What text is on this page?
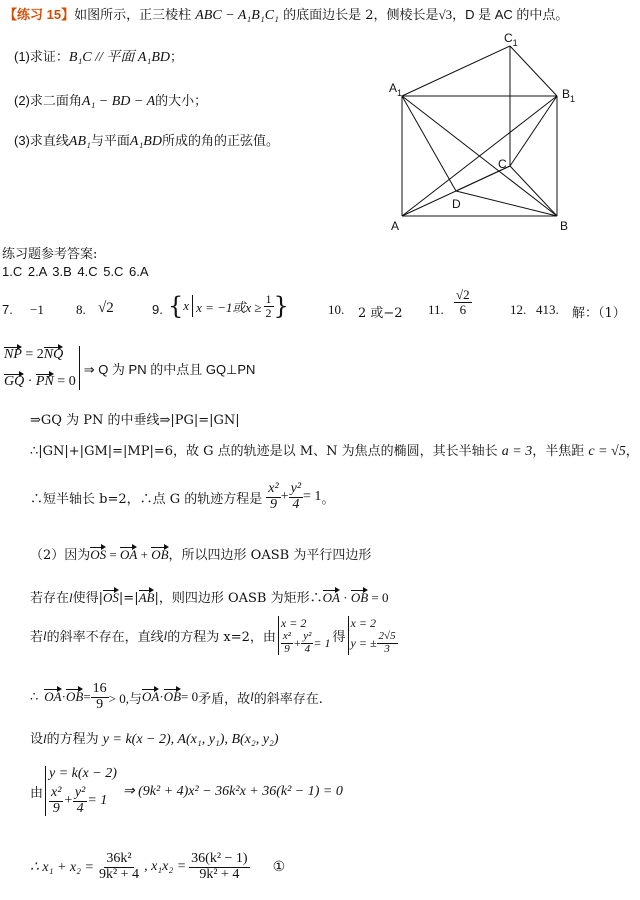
【练习 15】如图所示，正三棱柱 ABC − A₁B₁C₁ 的底面边长是 2，侧棱长是√3，D 是 AC 的中点。
(1)求证：B₁C // 平面 A₁BD；
(2)求二面角A₁ − BD − A的大小；
(3)求直线AB₁与平面A₁BD所成的角的正弦值。
A	B
C
D
$A_1$	$B_1$
$C_1$
练习题参考答案:
1.C 2.A 3.B 4.C 5.C 6.A
7. −1 8. √2	9. { x x = −1或$x \ge \frac{1}{2}$ }	10. 2 或−2 11. $\frac{√2}{6}$	12. 413. 解：（1）
NP = 2NQ
GQ · PN = 0
⇒ Q 为 PN 的中点且 GQ⊥PN
⇒GQ 为 PN 的中垂线⇒|PG|=|GN|
∴|GN|+|GM|=|MP|=6，故 G 点的轨迹是以 M、N 为焦点的椭圆，其长半轴长 a = 3，半焦距 c = √5，
∴短半轴长 b=2，∴点 G 的轨迹方程是 $\frac{\text{x²}}{9} + \frac{\text{y²}}{4} = 1$ 。
（2）因为OS = OA + OB，所以四边形 OASB 为平行四边形
若存在l使得|OS|=|AB|，则四边形 OASB 为矩形∴OA · OB = 0
若 l 的斜率不存在，直线 l 的方程为 x=2，由
x = 2
$\frac{\text{x²}}{9} + \frac{\text{y²}}{4} = 1$ 得
x = 2
y = ± $\frac{2√5}{3}$
∴ OA · OB = $\frac{16}{9} > 0$,与 OA · OB = 0 矛盾，故 l 的斜率存在.
设l的方程为 y = k(x − 2), A(x₁, y₁), B(x₂, y₂)
由
y = k(x − 2)
$\frac{\text{x²}}{9} + \frac{\text{y²}}{4} = 1$
⇒ (9k² + 4)x² − 36k²x + 36(k² − 1) = 0
∴ $x_1 + x_2 = \frac{\text{36k²}}{\text{9k² + 4}}$ , $x_1x_2 = \frac{\text{36(k² − 1)}}{\text{9k² + 4}}$ ①
